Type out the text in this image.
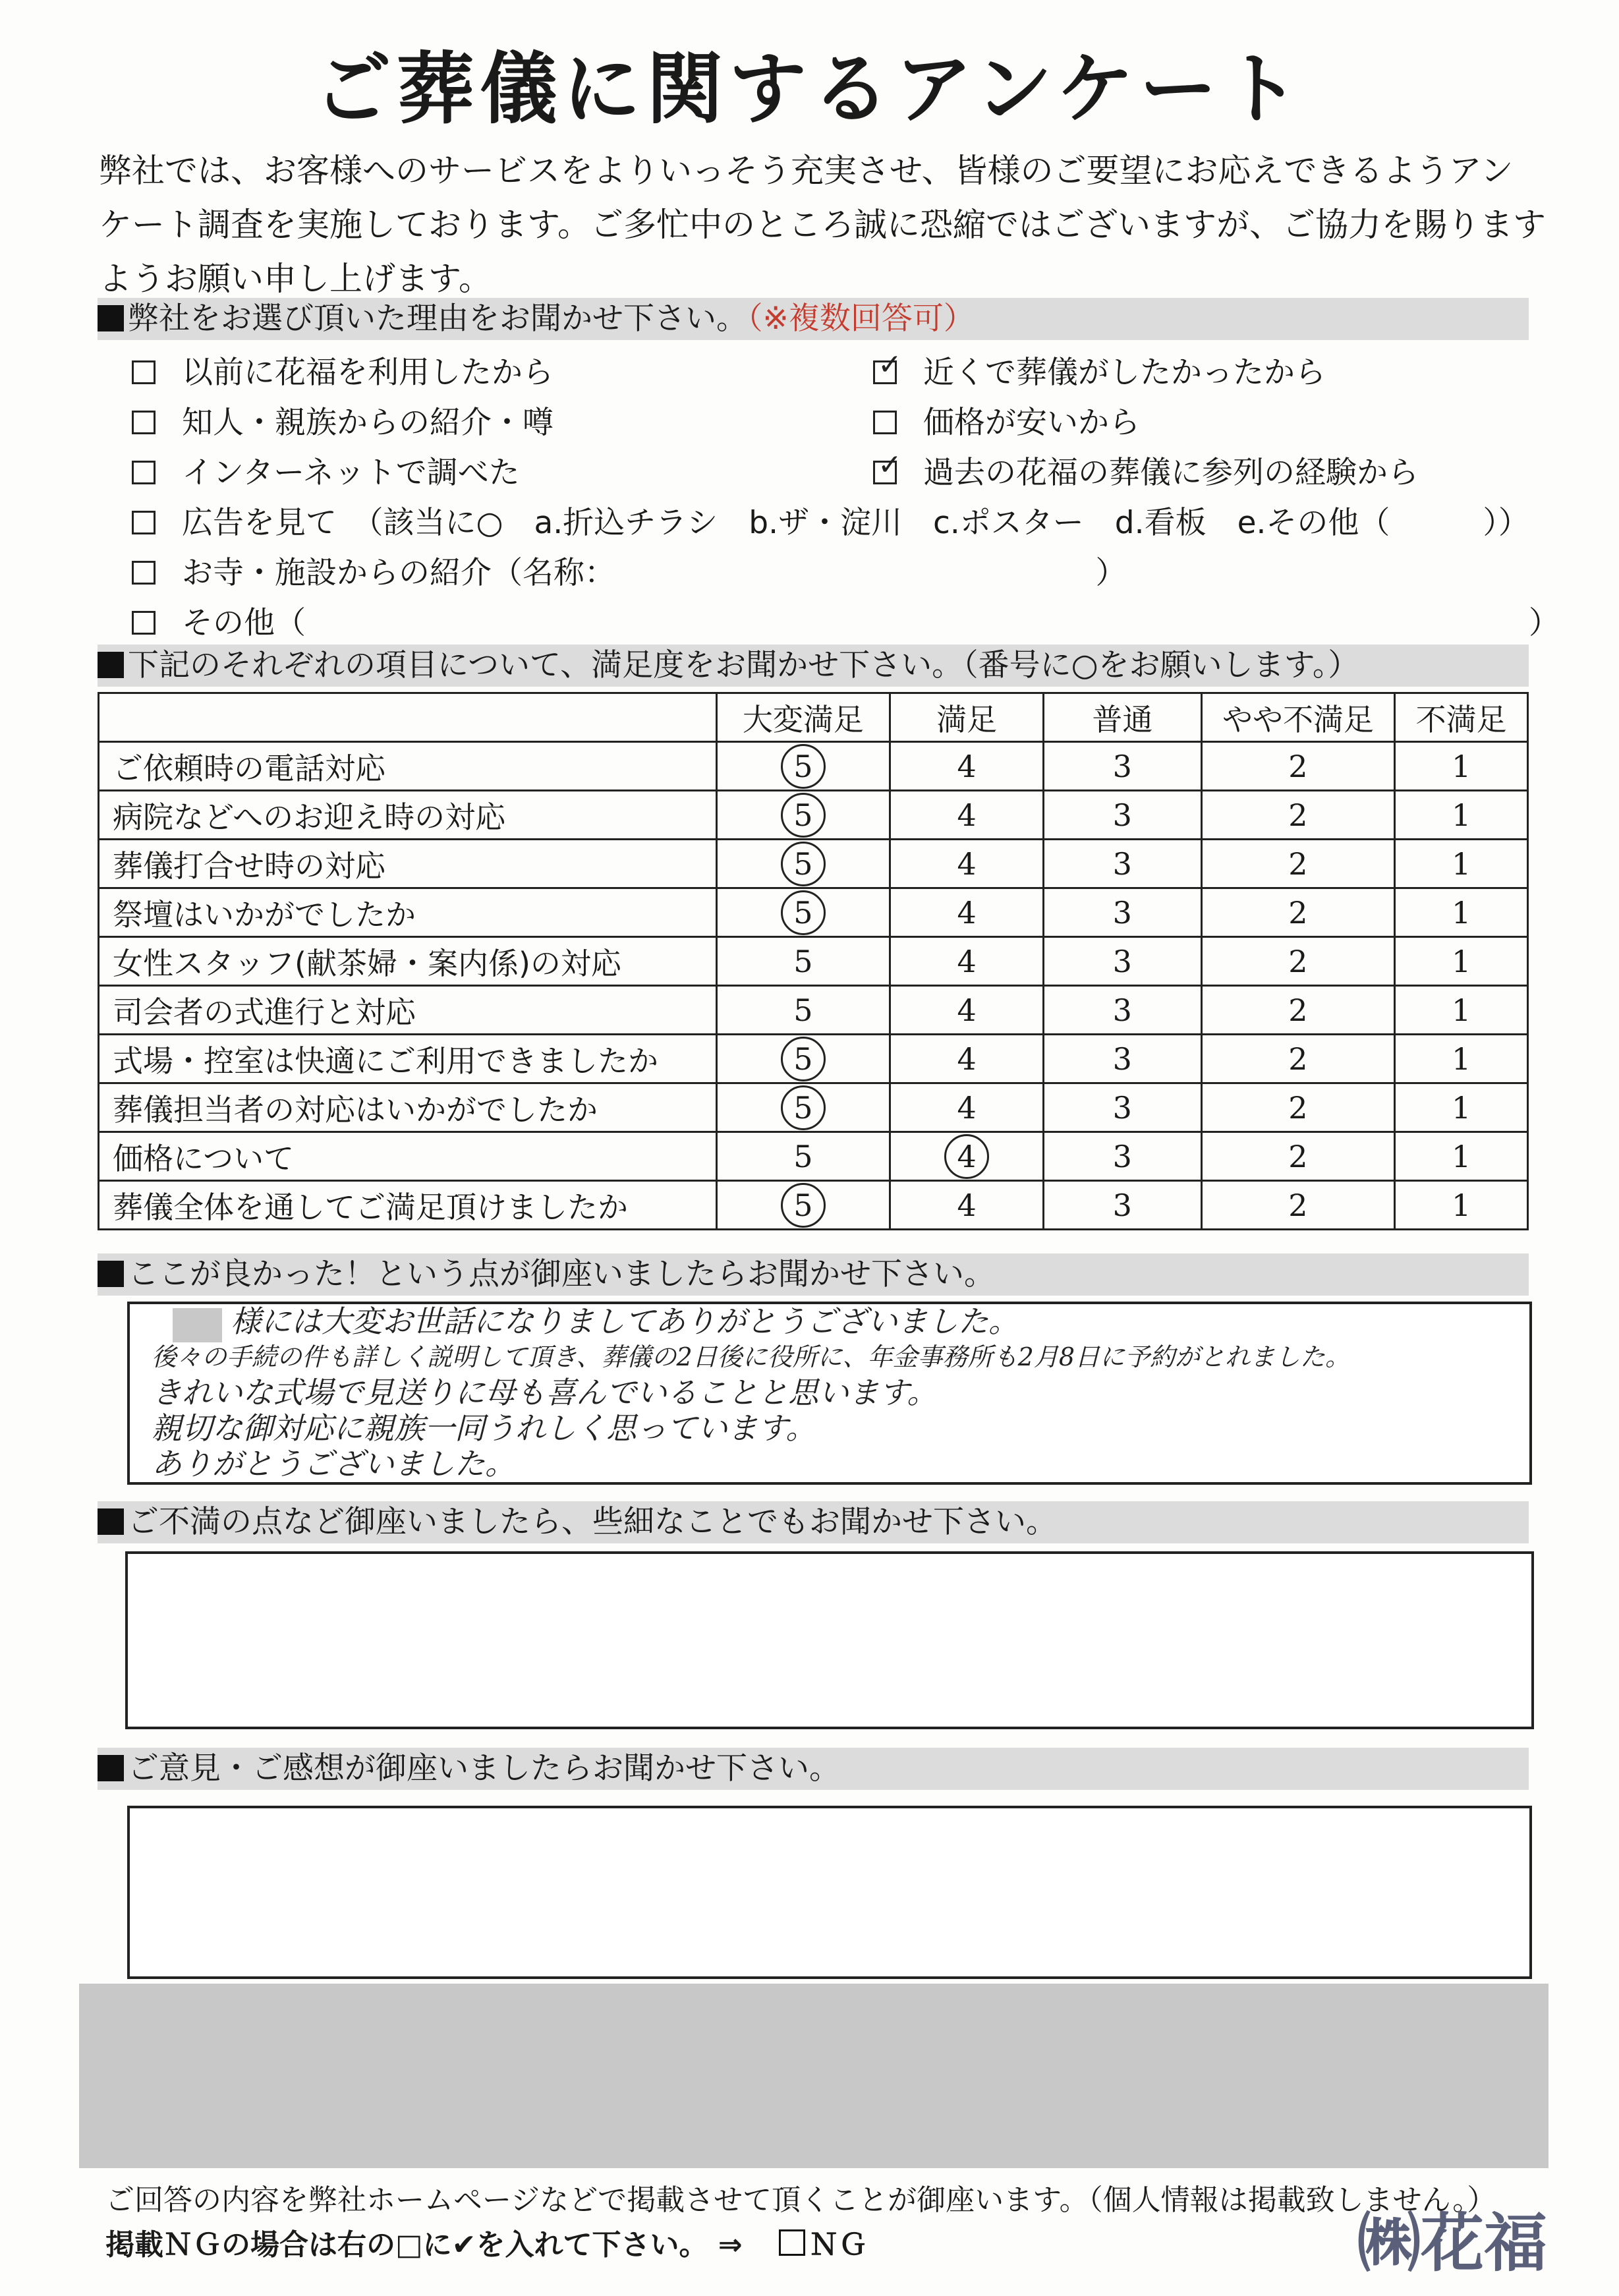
ご葬儀に関するアンケート

弊社では、お客様へのサービスをよりいっそう充実させ、皆様のご要望にお応えできるようアン

ケート調査を実施しております。ご多忙中のところ誠に恐縮ではございますが、ご協力を賜ります

ようお願い申し上げます。

弊社をお選び頂いた理由をお聞かせ下さい。（※複数回答可）
以前に花福を利用したから ✓	近くで葬儀がしたかったから
知人・親族からの紹介・噂	価格が安いから
インターネットで調べた ✓	過去の花福の葬儀に参列の経験から
広告を見て　（該当に○　a.折込チラシ　b.ザ・淀川　c.ポスター　d.看板　e.その他（　　　））
お寺・施設からの紹介（名称：　　　　　　　　　　　　　　　　）
その他（	）
下記のそれぞれの項目について、満足度をお聞かせ下さい。（番号に○をお願いします。）
	大変満足	満足	普通	やや不満足	不満足
ご依頼時の電話対応	5	4	3	2	1
病院などへのお迎え時の対応	5	4	3	2	1
葬儀打合せ時の対応	5	4	3	2	1
祭壇はいかがでしたか	5	4	3	2	1
女性スタッフ(献茶婦・案内係)の対応	5	4	3	2	1
司会者の式進行と対応	5	4	3	2	1
式場・控室は快適にご利用できましたか	5	4	3	2	1
葬儀担当者の対応はいかがでしたか	5	4	3	2	1
価格について	5	4	3	2	1
葬儀全体を通してご満足頂けましたか	5	4	3	2	1
ここが良かった！という点が御座いましたらお聞かせ下さい。
様には大変お世話になりましてありがとうございました。
後々の手続の件も詳しく説明して頂き、葬儀の2日後に役所に、年金事務所も2月8日に予約がとれました。
きれいな式場で見送りに母も喜んでいることと思います。
親切な御対応に親族一同うれしく思っています。
ありがとうございました。
ご不満の点など御座いましたら、些細なことでもお聞かせ下さい。
ご意見・ご感想が御座いましたらお聞かせ下さい。
ご回答の内容を弊社ホームページなどで掲載させて頂くことが御座います。（個人情報は掲載致しません。）
掲載ＮＧの場合は右の□に✔を入れて下さい。 ⇒ ＮＧ	㈱花福
